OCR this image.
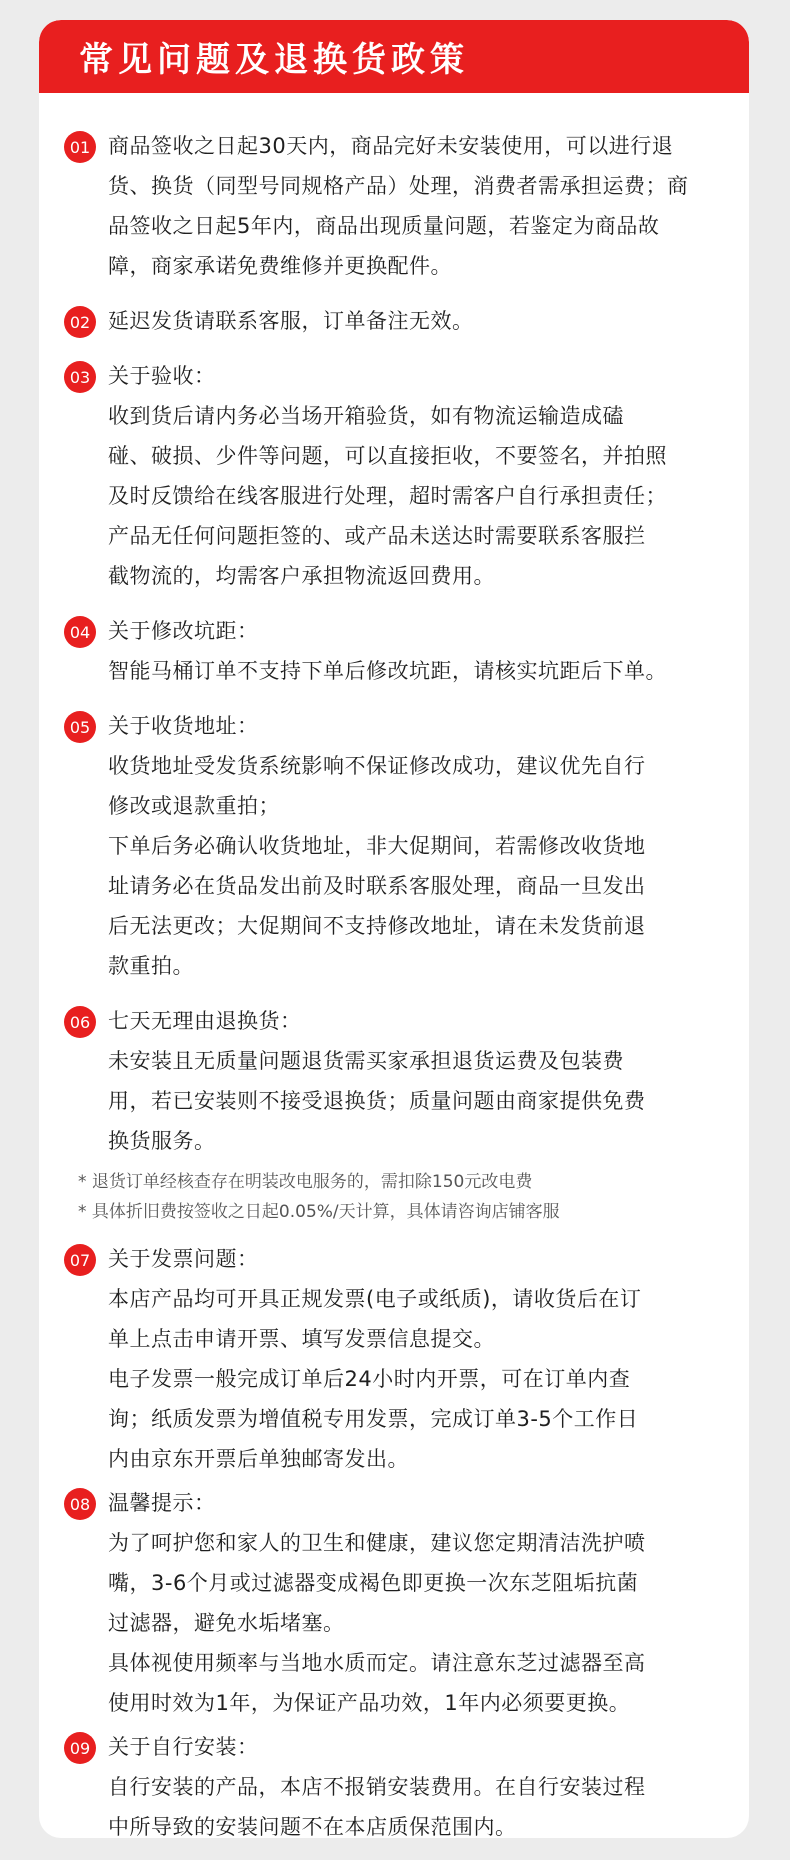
常见问题及退换货政策
01 商品签收之日起30天内，商品完好未安装使用，可以进行退
货、换货（同型号同规格产品）处理，消费者需承担运费；商
品签收之日起5年内，商品出现质量问题，若鉴定为商品故
障，商家承诺免费维修并更换配件。
02 延迟发货请联系客服，订单备注无效。
03 关于验收：
收到货后请内务必当场开箱验货，如有物流运输造成磕
碰、破损、少件等问题，可以直接拒收，不要签名，并拍照
及时反馈给在线客服进行处理，超时需客户自行承担责任；
产品无任何问题拒签的、或产品未送达时需要联系客服拦
截物流的，均需客户承担物流返回费用。
04 关于修改坑距：
智能马桶订单不支持下单后修改坑距，请核实坑距后下单。
05 关于收货地址：
收货地址受发货系统影响不保证修改成功，建议优先自行
修改或退款重拍；
下单后务必确认收货地址，非大促期间，若需修改收货地
址请务必在货品发出前及时联系客服处理，商品一旦发出
后无法更改；大促期间不支持修改地址，请在未发货前退
款重拍。
06 七天无理由退换货：
未安装且无质量问题退货需买家承担退货运费及包装费
用，若已安装则不接受退换货；质量问题由商家提供免费
换货服务。
* 退货订单经核查存在明装改电服务的，需扣除150元改电费
* 具体折旧费按签收之日起0.05%/天计算，具体请咨询店铺客服
07 关于发票问题：
本店产品均可开具正规发票(电子或纸质)，请收货后在订
单上点击申请开票、填写发票信息提交。
电子发票一般完成订单后24小时内开票，可在订单内查
询；纸质发票为增值税专用发票，完成订单3-5个工作日
内由京东开票后单独邮寄发出。
08 温馨提示：
为了呵护您和家人的卫生和健康，建议您定期清洁洗护喷
嘴，3-6个月或过滤器变成褐色即更换一次东芝阻垢抗菌
过滤器，避免水垢堵塞。
具体视使用频率与当地水质而定。请注意东芝过滤器至高
使用时效为1年，为保证产品功效，1年内必须要更换。
09 关于自行安装：
自行安装的产品，本店不报销安装费用。在自行安装过程
中所导致的安装问题不在本店质保范围内。
